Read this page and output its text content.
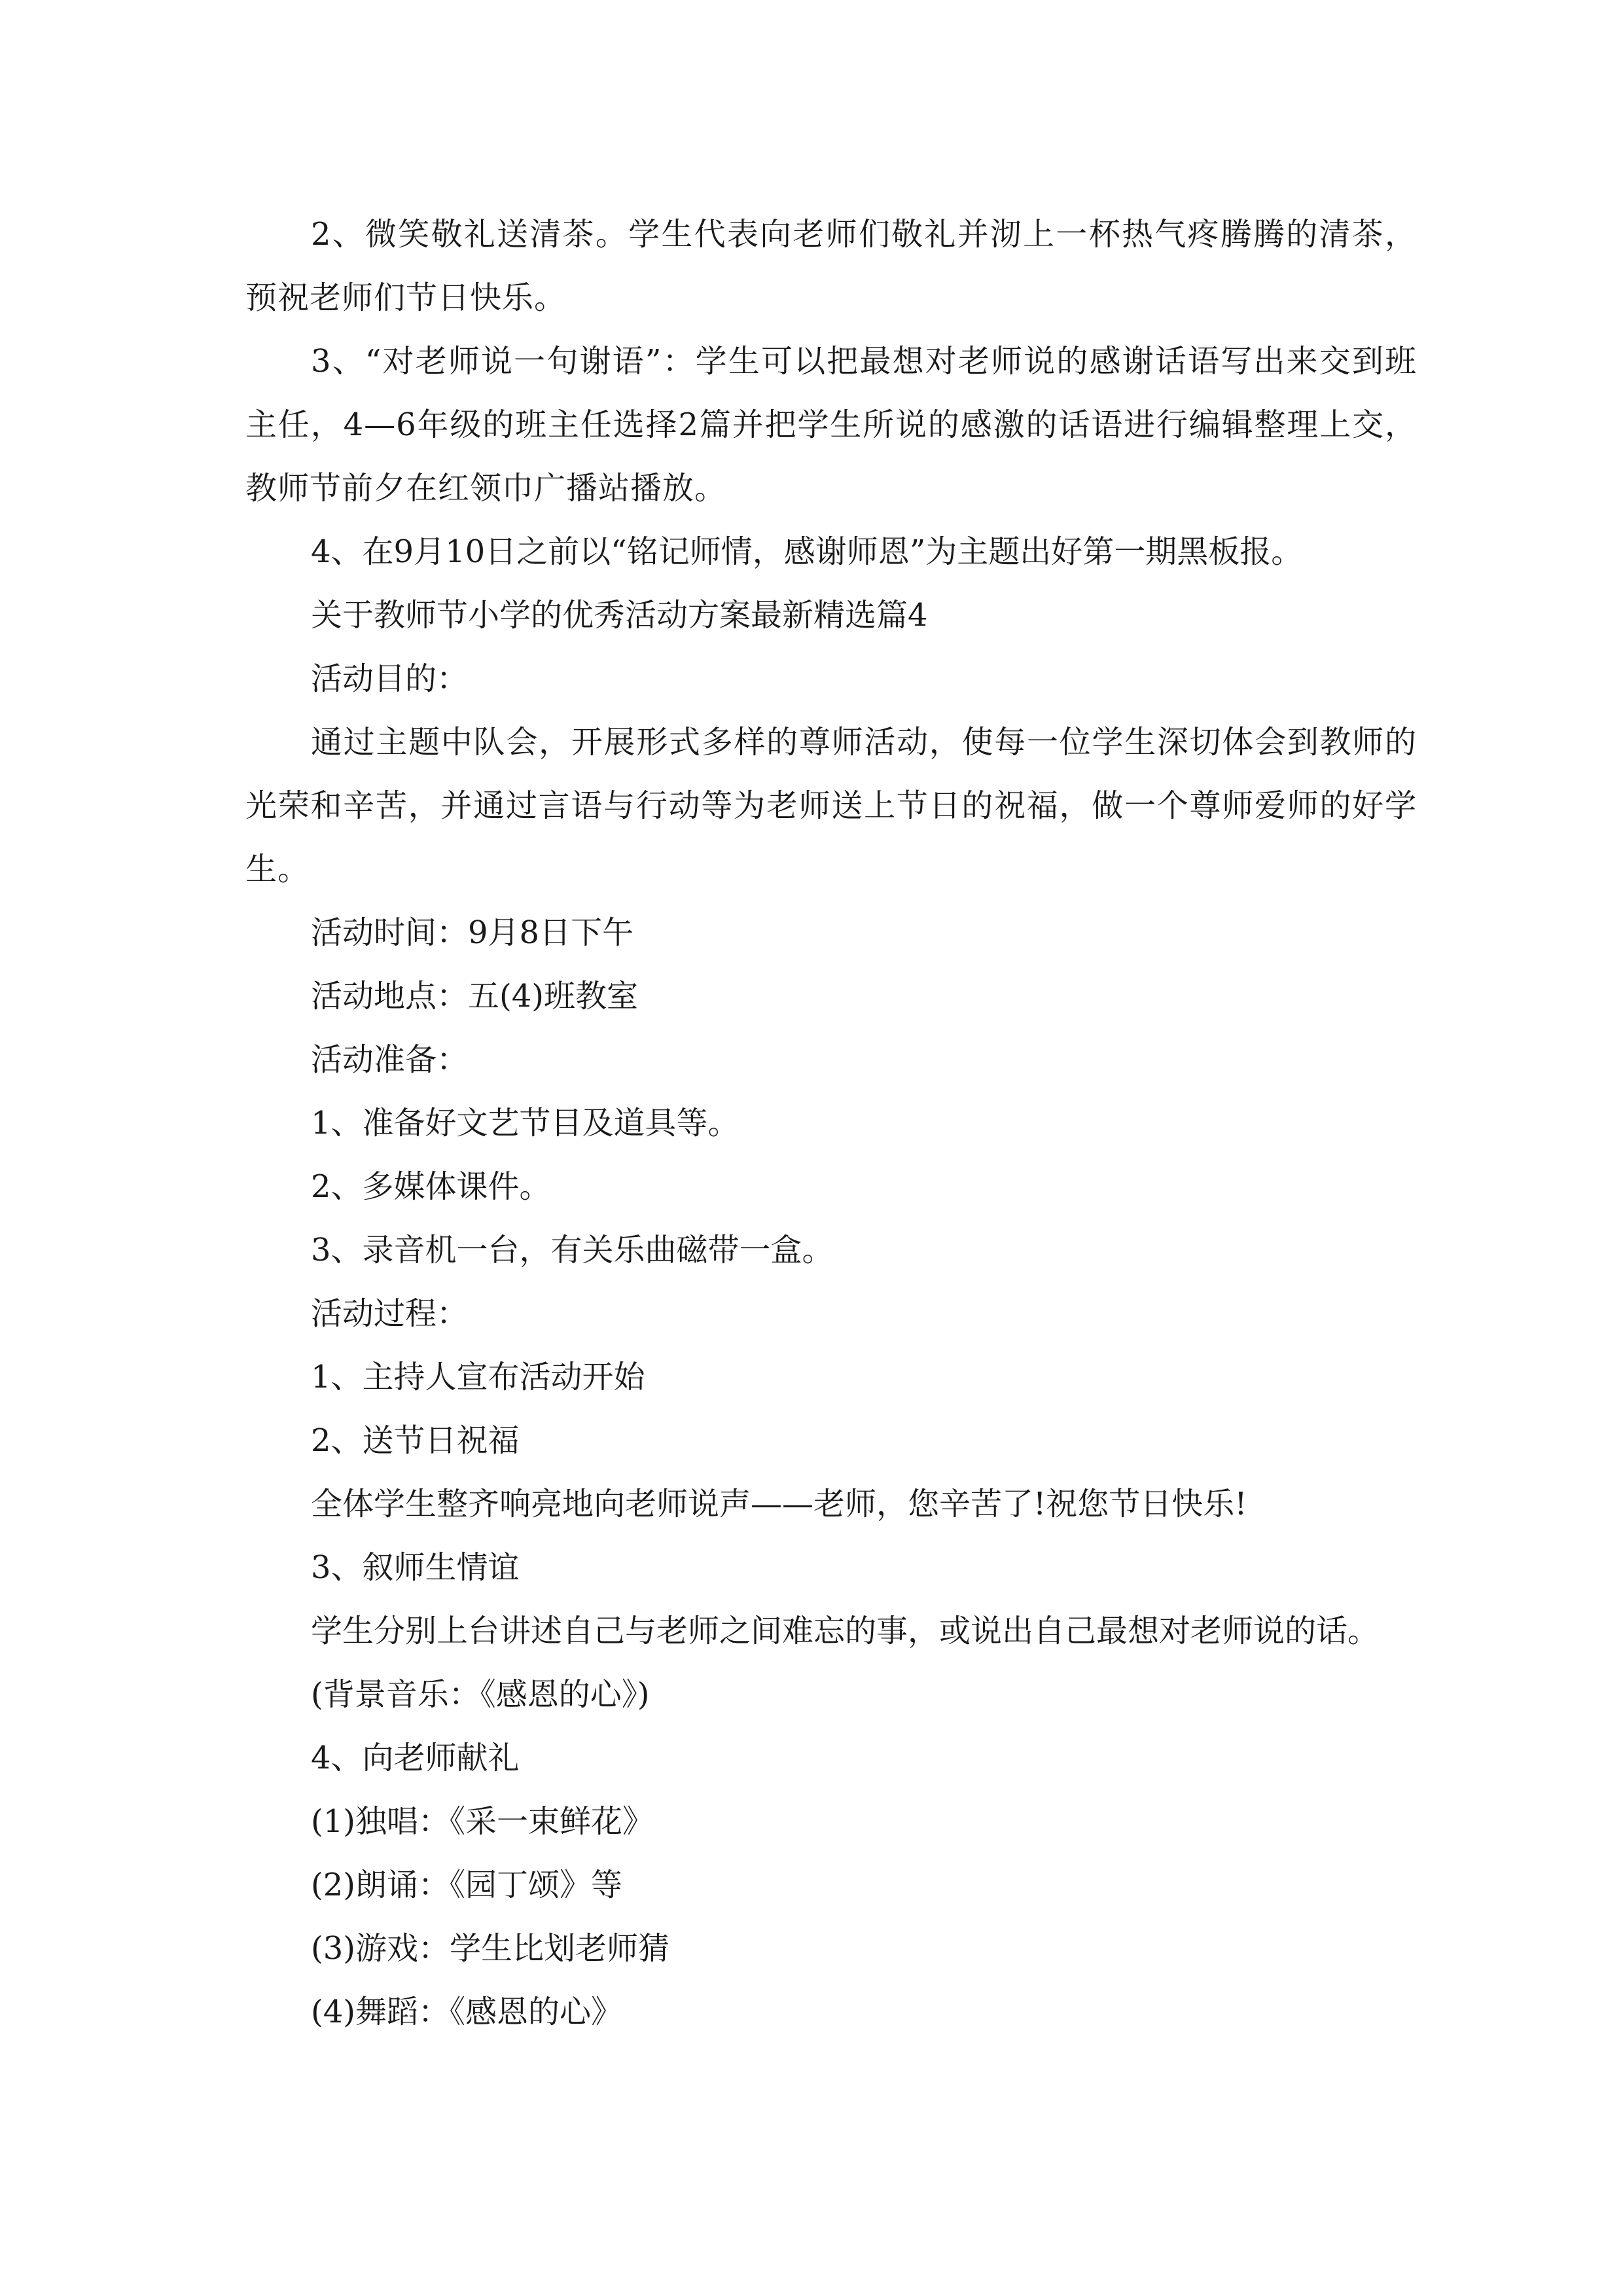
2、微笑敬礼送清茶。学生代表向老师们敬礼并沏上一杯热气疼腾腾的清茶，预祝老师们节日快乐。

3、“对老师说一句谢语”：学生可以把最想对老师说的感谢话语写出来交到班主任，4—6年级的班主任选择2篇并把学生所说的感激的话语进行编辑整理上交，教师节前夕在红领巾广播站播放。

4、在9月10日之前以“铭记师情，感谢师恩”为主题出好第一期黑板报。

关于教师节小学的优秀活动方案最新精选篇4

活动目的：

通过主题中队会，开展形式多样的尊师活动，使每一位学生深切体会到教师的光荣和辛苦，并通过言语与行动等为老师送上节日的祝福，做一个尊师爱师的好学生。

活动时间：9月8日下午

活动地点：五(4)班教室

活动准备：

1、准备好文艺节目及道具等。

2、多媒体课件。

3、录音机一台，有关乐曲磁带一盒。

活动过程：

1、主持人宣布活动开始

2、送节日祝福

全体学生整齐响亮地向老师说声——老师，您辛苦了!祝您节日快乐!

3、叙师生情谊

学生分别上台讲述自己与老师之间难忘的事，或说出自己最想对老师说的话。

(背景音乐：《感恩的心》)

4、向老师献礼

(1)独唱：《采一束鲜花》

(2)朗诵：《园丁颂》等

(3)游戏：学生比划老师猜

(4)舞蹈：《感恩的心》
